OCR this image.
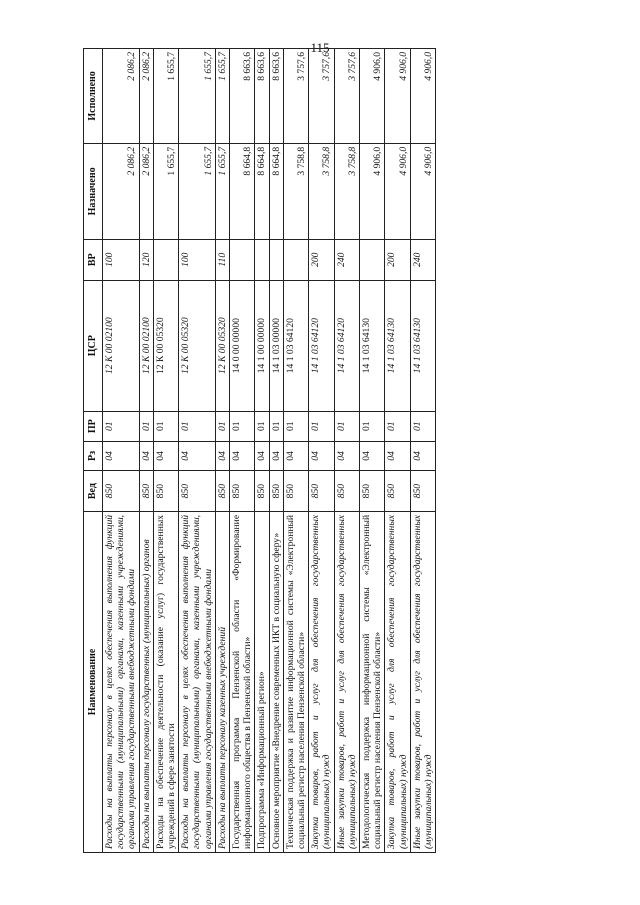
115
Наименование	Вед	Рз	ПР	ЦСР	ВР	Назначено	Исполнено
Расходы на выплаты персоналу в целях обеспечения выполнения функций государственными (муниципальными) органами, казенными учреждениями, органами управления государственными внебюджетными фондами	850	04	01	12 К 00 02100	100	2 086,2	2 086,2
Расходы на выплаты персоналу государственных (муниципальных) органов	850	04	01	12 К 00 02100	120	2 086,2	2 086,2
Расходы на обеспечение деятельности (оказание услуг) государственных учреждений в сфере занятости	850	04	01	12 К 00 05320		1 655,7	1 655,7
Расходы на выплаты персоналу в целях обеспечения выполнения функций государственными (муниципальными) органами, казенными учреждениями, органами управления государственными внебюджетными фондами	850	04	01	12 К 00 05320	100	1 655,7	1 655,7
Расходы на выплаты персоналу казенных учреждений	850	04	01	12 К 00 05320	110	1 655,7	1 655,7
Государственная программа Пензенской области «Формирование информационного общества в Пензенской области»	850	04	01	14 0 00 00000		8 664,8	8 663,6
Подпрограмма «Информационный регион»	850	04	01	14 1 00 00000		8 664,8	8 663,6
Основное мероприятие «Внедрение современных ИКТ в социальную сферу»	850	04	01	14 1 03 00000		8 664,8	8 663,6
Техническая поддержка и развитие информационной системы «Электронный социальный регистр населения Пензенской области»	850	04	01	14 1 03 64120		3 758,8	3 757,6
Закупка товаров, работ и услуг для обеспечения государственных (муниципальных) нужд	850	04	01	14 1 03 64120	200	3 758,8	3 757,6
Иные закупки товаров, работ и услуг для обеспечения государственных (муниципальных) нужд	850	04	01	14 1 03 64120	240	3 758,8	3 757,6
Методологическая поддержка информационной системы «Электронный социальный регистр населения Пензенской области»	850	04	01	14 1 03 64130		4 906,0	4 906,0
Закупка товаров, работ и услуг для обеспечения государственных (муниципальных) нужд	850	04	01	14 1 03 64130	200	4 906,0	4 906,0
Иные закупки товаров, работ и услуг для обеспечения государственных (муниципальных) нужд	850	04	01	14 1 03 64130	240	4 906,0	4 906,0
